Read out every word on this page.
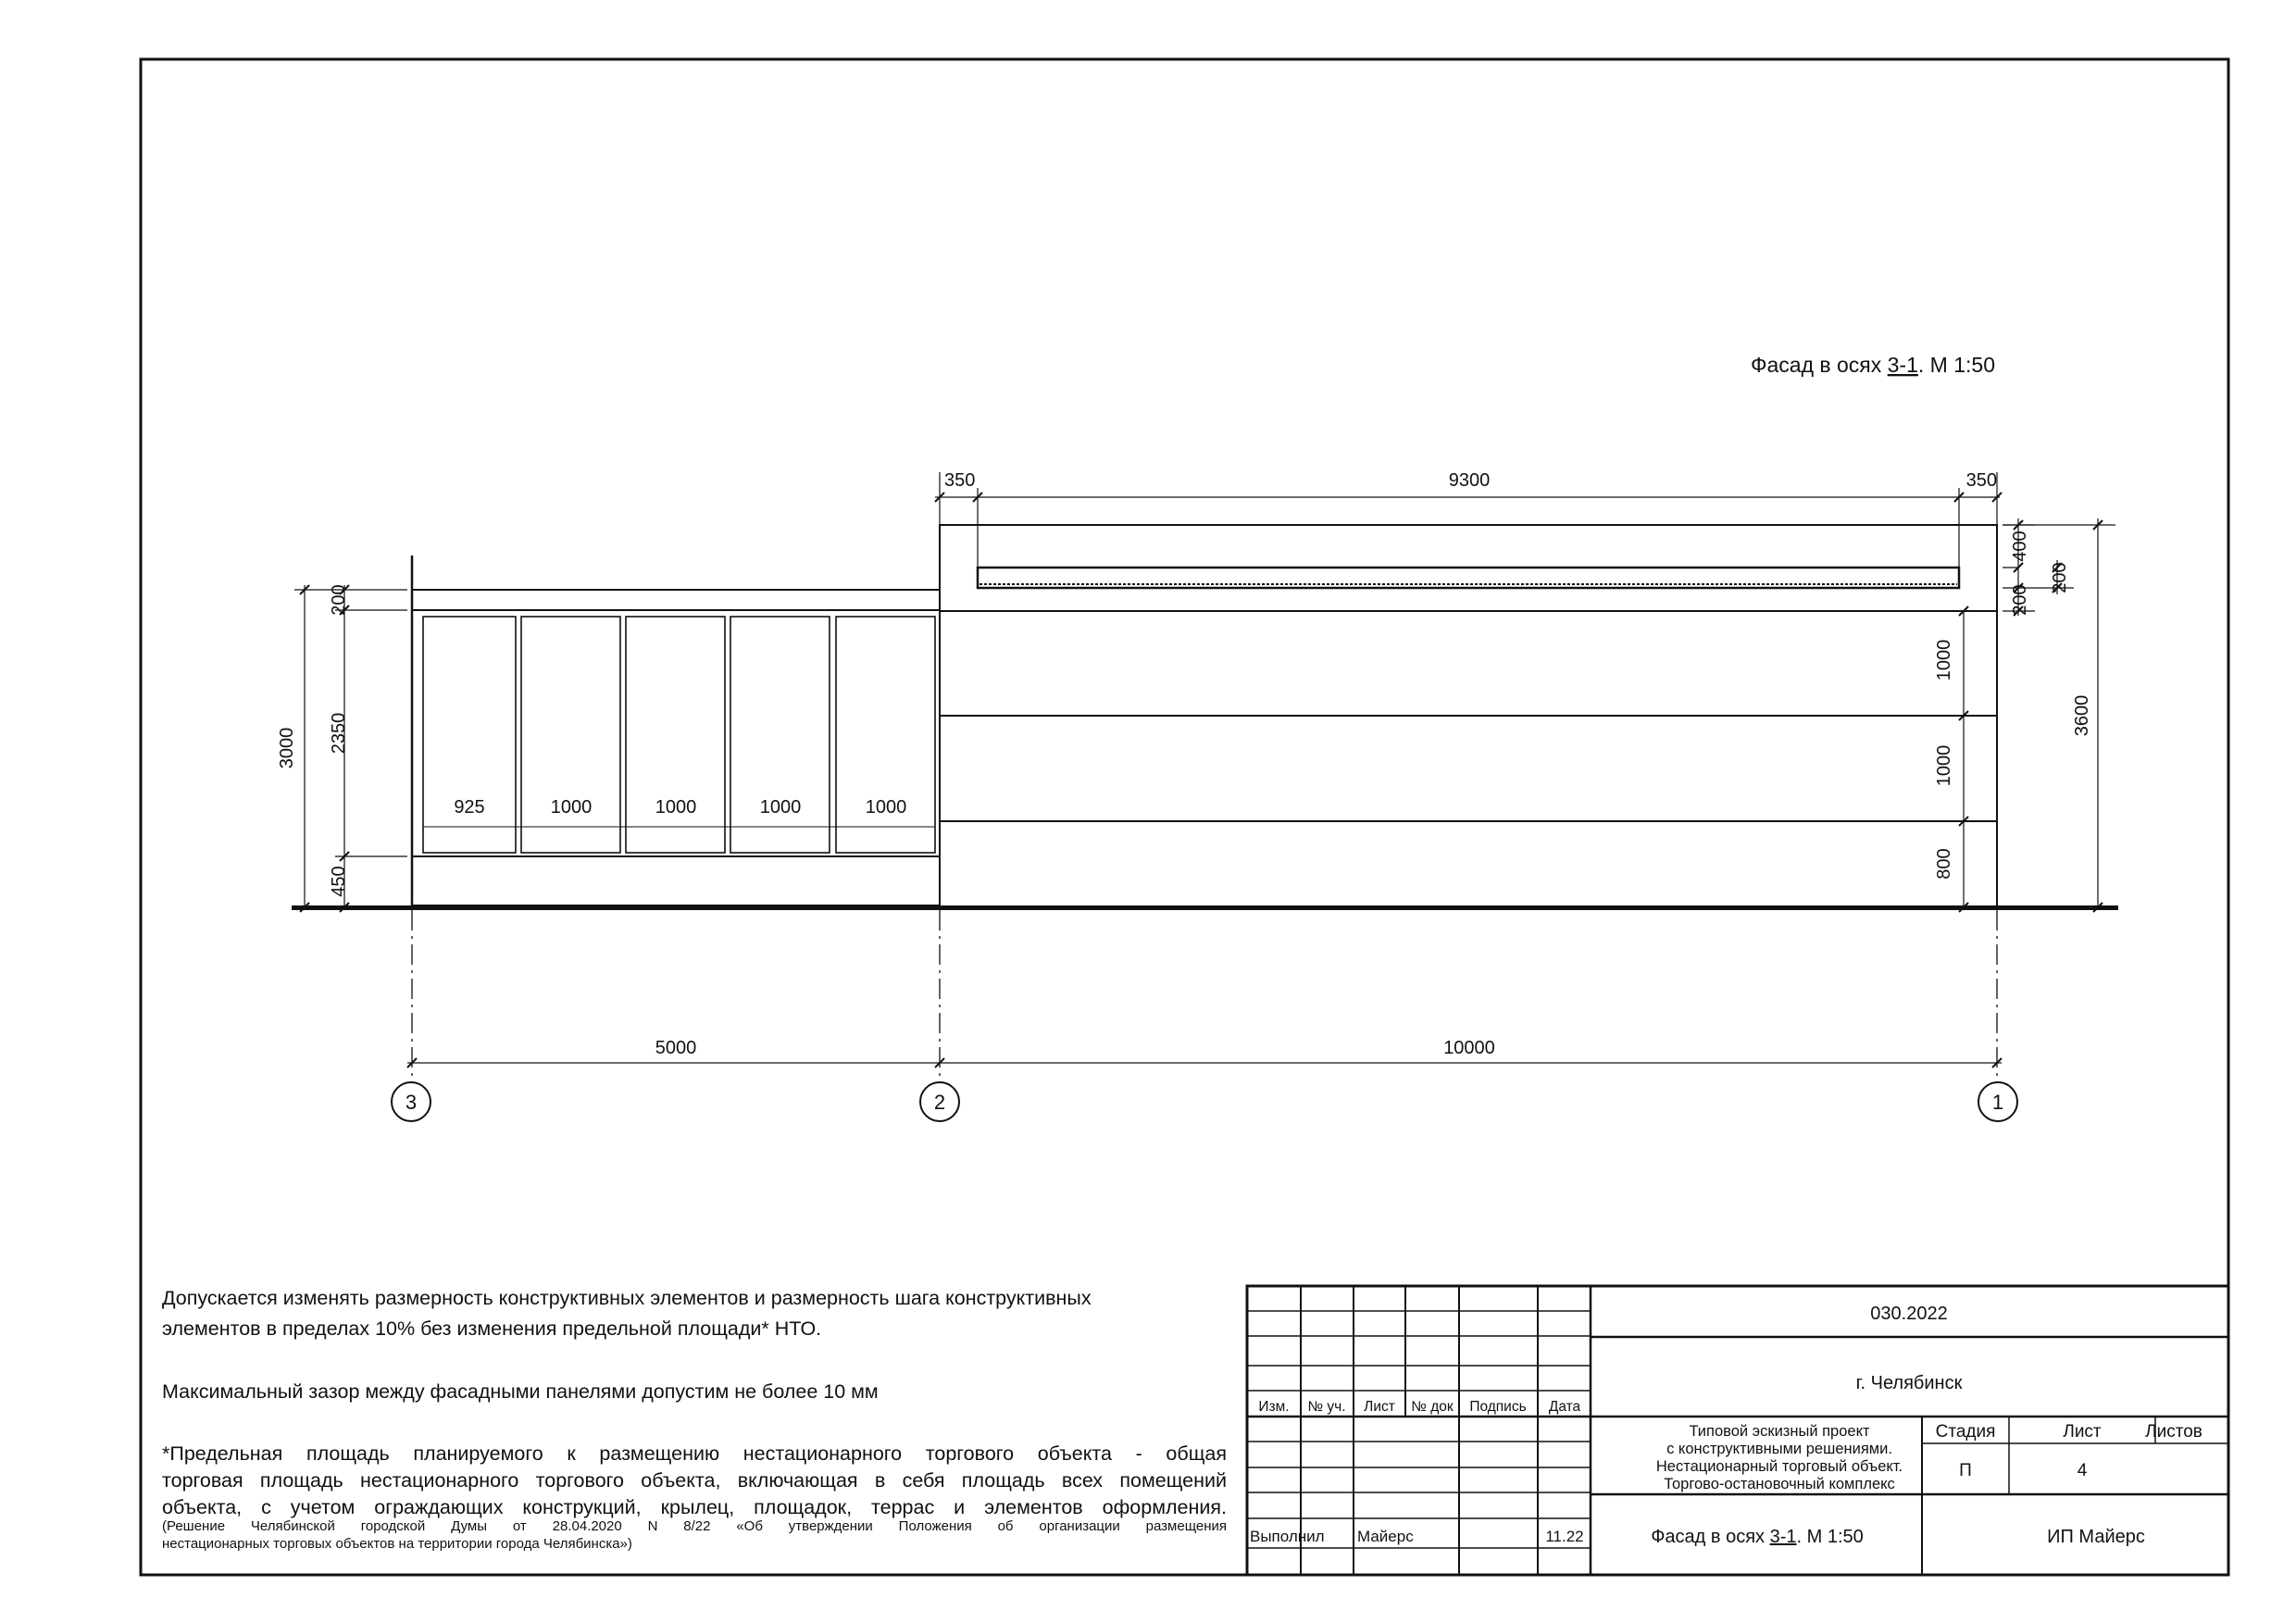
Фасад в осях 3-1. М 1:50
350	9300	350
3000
200
2350
450
925	1000	1000	1000	1000
1000
1000
800
400
200
200
3600
5000	10000
3	2	1
Изм. № уч. Лист № док Подпись Дата
030.2022
г. Челябинск
Типовой эскизный проект
с конструктивными решениями.
Нестационарный торговый объект.
Торгово-остановочный комплекс
Стадия	Лист Листов
П	4
Выполнил Майерс	11.22	Фасад в осях 3-1. М 1:50	ИП Майерс
Допускается изменять размерность конструктивных элементов и размерность шага конструктивных
элементов в пределах 10% без изменения предельной площади* НТО.
Максимальный зазор между фасадными панелями допустим не более 10 мм
*Предельная площадь планируемого к размещению нестационарного торгового объекта - общая
торговая площадь нестационарного торгового объекта, включающая в себя площадь всех помещений
объекта, с учетом ограждающих конструкций, крылец, площадок, террас и элементов оформления.
(Решение Челябинской городской Думы от 28.04.2020 N 8/22 «Об утверждении Положения об организации размещения
нестационарных торговых объектов на территории города Челябинска»)
